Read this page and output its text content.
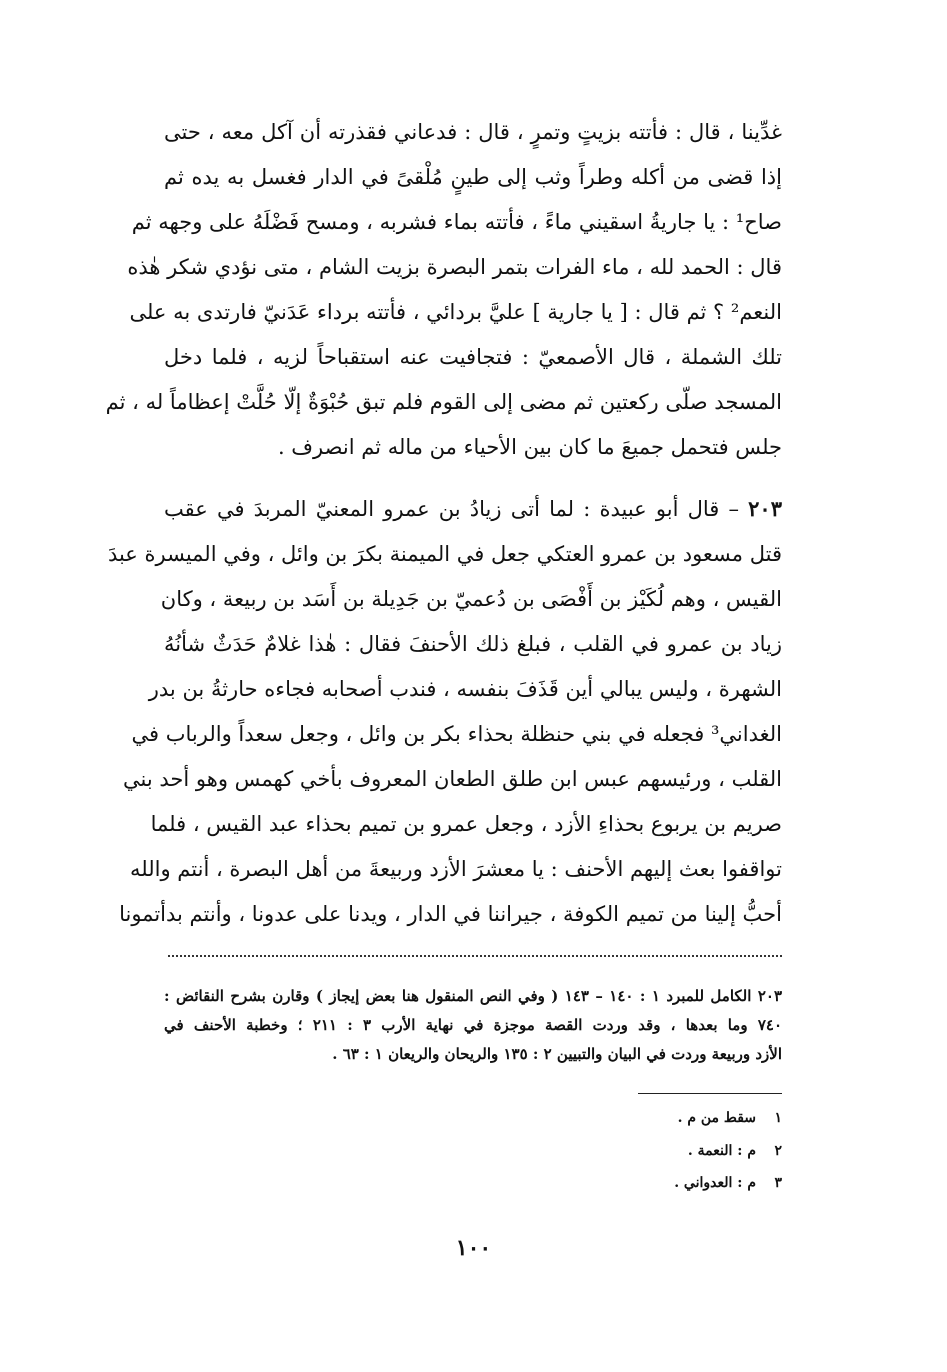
غدِّينا ، قال : فأتته بزيتٍ وتمرٍ ، قال : فدعاني فقذرته أن آكل معه ، حتى
إذا قضى من أكله وطراً وثب إلى طينٍ مُلْقىً في الدار فغسل به يده ثم
صاح¹ : يا جاريةُ اسقيني ماءً ، فأتته بماء فشربه ، ومسح فَضْلَهُ على وجهه ثم
قال : الحمد لله ، ماء الفرات بتمر البصرة بزيت الشام ، متى نؤدي شكر هٰذه
النعم² ؟ ثم قال : [ يا جارية ] عليَّ بردائي ، فأتته برداء عَدَنيّ فارتدى به على
تلك الشملة ، قال الأصمعيّ : فتجافيت عنه استقباحاً لزيه ، فلما دخل
المسجد صلّى ركعتين ثم مضى إلى القوم فلم تبق حُبْوَةٌ إلّا حُلَّتْ إعظاماً له ، ثم
جلس فتحمل جميعَ ما كان بين الأحياء من ماله ثم انصرف .
٢٠٣ – قال أبو عبيدة : لما أتى زيادُ بن عمرو المعنيّ المربدَ في عقب
قتل مسعود بن عمرو العتكي جعل في الميمنة بكرَ بن وائل ، وفي الميسرة عبدَ
القيس ، وهم لُكَيْز بن أَفْصَى بن دُعميّ بن جَدِيلة بن أَسَد بن ربيعة ، وكان
زياد بن عمرو في القلب ، فبلغ ذلك الأحنفَ فقال : هٰذا غلامٌ حَدَثٌ شأنُهُ
الشهرة ، وليس يبالي أين قَذَفَ بنفسه ، فندب أصحابه فجاءه حارثةُ بن بدر
الغداني³ فجعله في بني حنظلة بحذاء بكر بن وائل ، وجعل سعداً والرباب في
القلب ، ورئيسهم عبس ابن طلق الطعان المعروف بأخي كهمس وهو أحد بني
صريم بن يربوع بحذاءِ الأزد ، وجعل عمرو بن تميم بحذاء عبد القيس ، فلما
تواقفوا بعث إليهم الأحنف : يا معشرَ الأزد وربيعةَ من أهل البصرة ، أنتم والله
أحبُّ إلينا من تميم الكوفة ، جيراننا في الدار ، ويدنا على عدونا ، وأنتم بدأتمونا
٢٠٣ الكامل للمبرد ١ : ١٤٠ – ١٤٣ ( وفي النص المنقول هنا بعض إيجاز ) وقارن بشرح النقائض :
٧٤٠ وما بعدها ، وقد وردت القصة موجزة في نهاية الأرب ٣ : ٢١١ ؛ وخطبة الأحنف في
الأزد وربيعة وردت في البيان والتبيين ٢ : ١٣٥ والريحان والريعان ١ : ٦٣ .
١سقط من م .
٢م : النعمة .
٣م : العدواني .
١٠٠
